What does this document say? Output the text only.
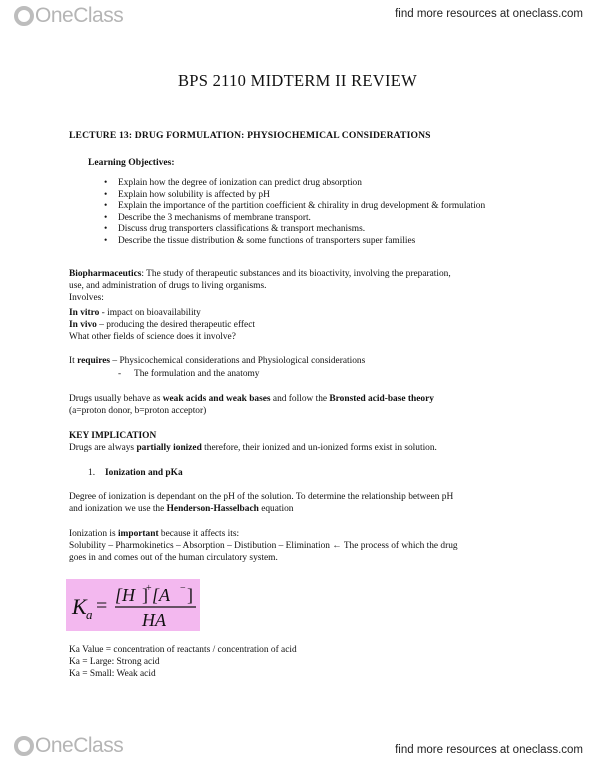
OneClass	find more resources at oneclass.com
BPS 2110 MIDTERM II REVIEW
LECTURE 13: DRUG FORMULATION: PHYSIOCHEMICAL CONSIDERATIONS
Learning Objectives:
• Explain how the degree of ionization can predict drug absorption
• Explain how solubility is affected by pH
• Explain the importance of the partition coefficient & chirality in drug development & formulation
• Describe the 3 mechanisms of membrane transport.
• Discuss drug transporters classifications & transport mechanisms.
• Describe the tissue distribution & some functions of transporters super families
Biopharmaceutics: The study of therapeutic substances and its bioactivity, involving the preparation,
use, and administration of drugs to living organisms.
Involves:
In vitro - impact on bioavailability
In vivo – producing the desired therapeutic effect
What other fields of science does it involve?
It requires – Physicochemical considerations and Physiological considerations
- The formulation and the anatomy
Drugs usually behave as weak acids and weak bases and follow the Bronsted acid-base theory
(a=proton donor, b=proton acceptor)
KEY IMPLICATION
Drugs are always partially ionized therefore, their ionized and un-ionized forms exist in solution.
1. Ionization and pKa
Degree of ionization is dependant on the pH of the solution. To determine the relationship between pH
and ionization we use the Henderson-Hasselbach equation
Ionization is important because it affects its:
Solubility – Pharmokinetics – Absorption – Distibution – Elimination ← The process of which the drug
goes in and comes out of the human circulatory system.
K a = [H ]
+ [A − ]
HA
Ka Value = concentration of reactants / concentration of acid
Ka = Large: Strong acid
Ka = Small: Weak acid
OneClass	find more resources at oneclass.com
